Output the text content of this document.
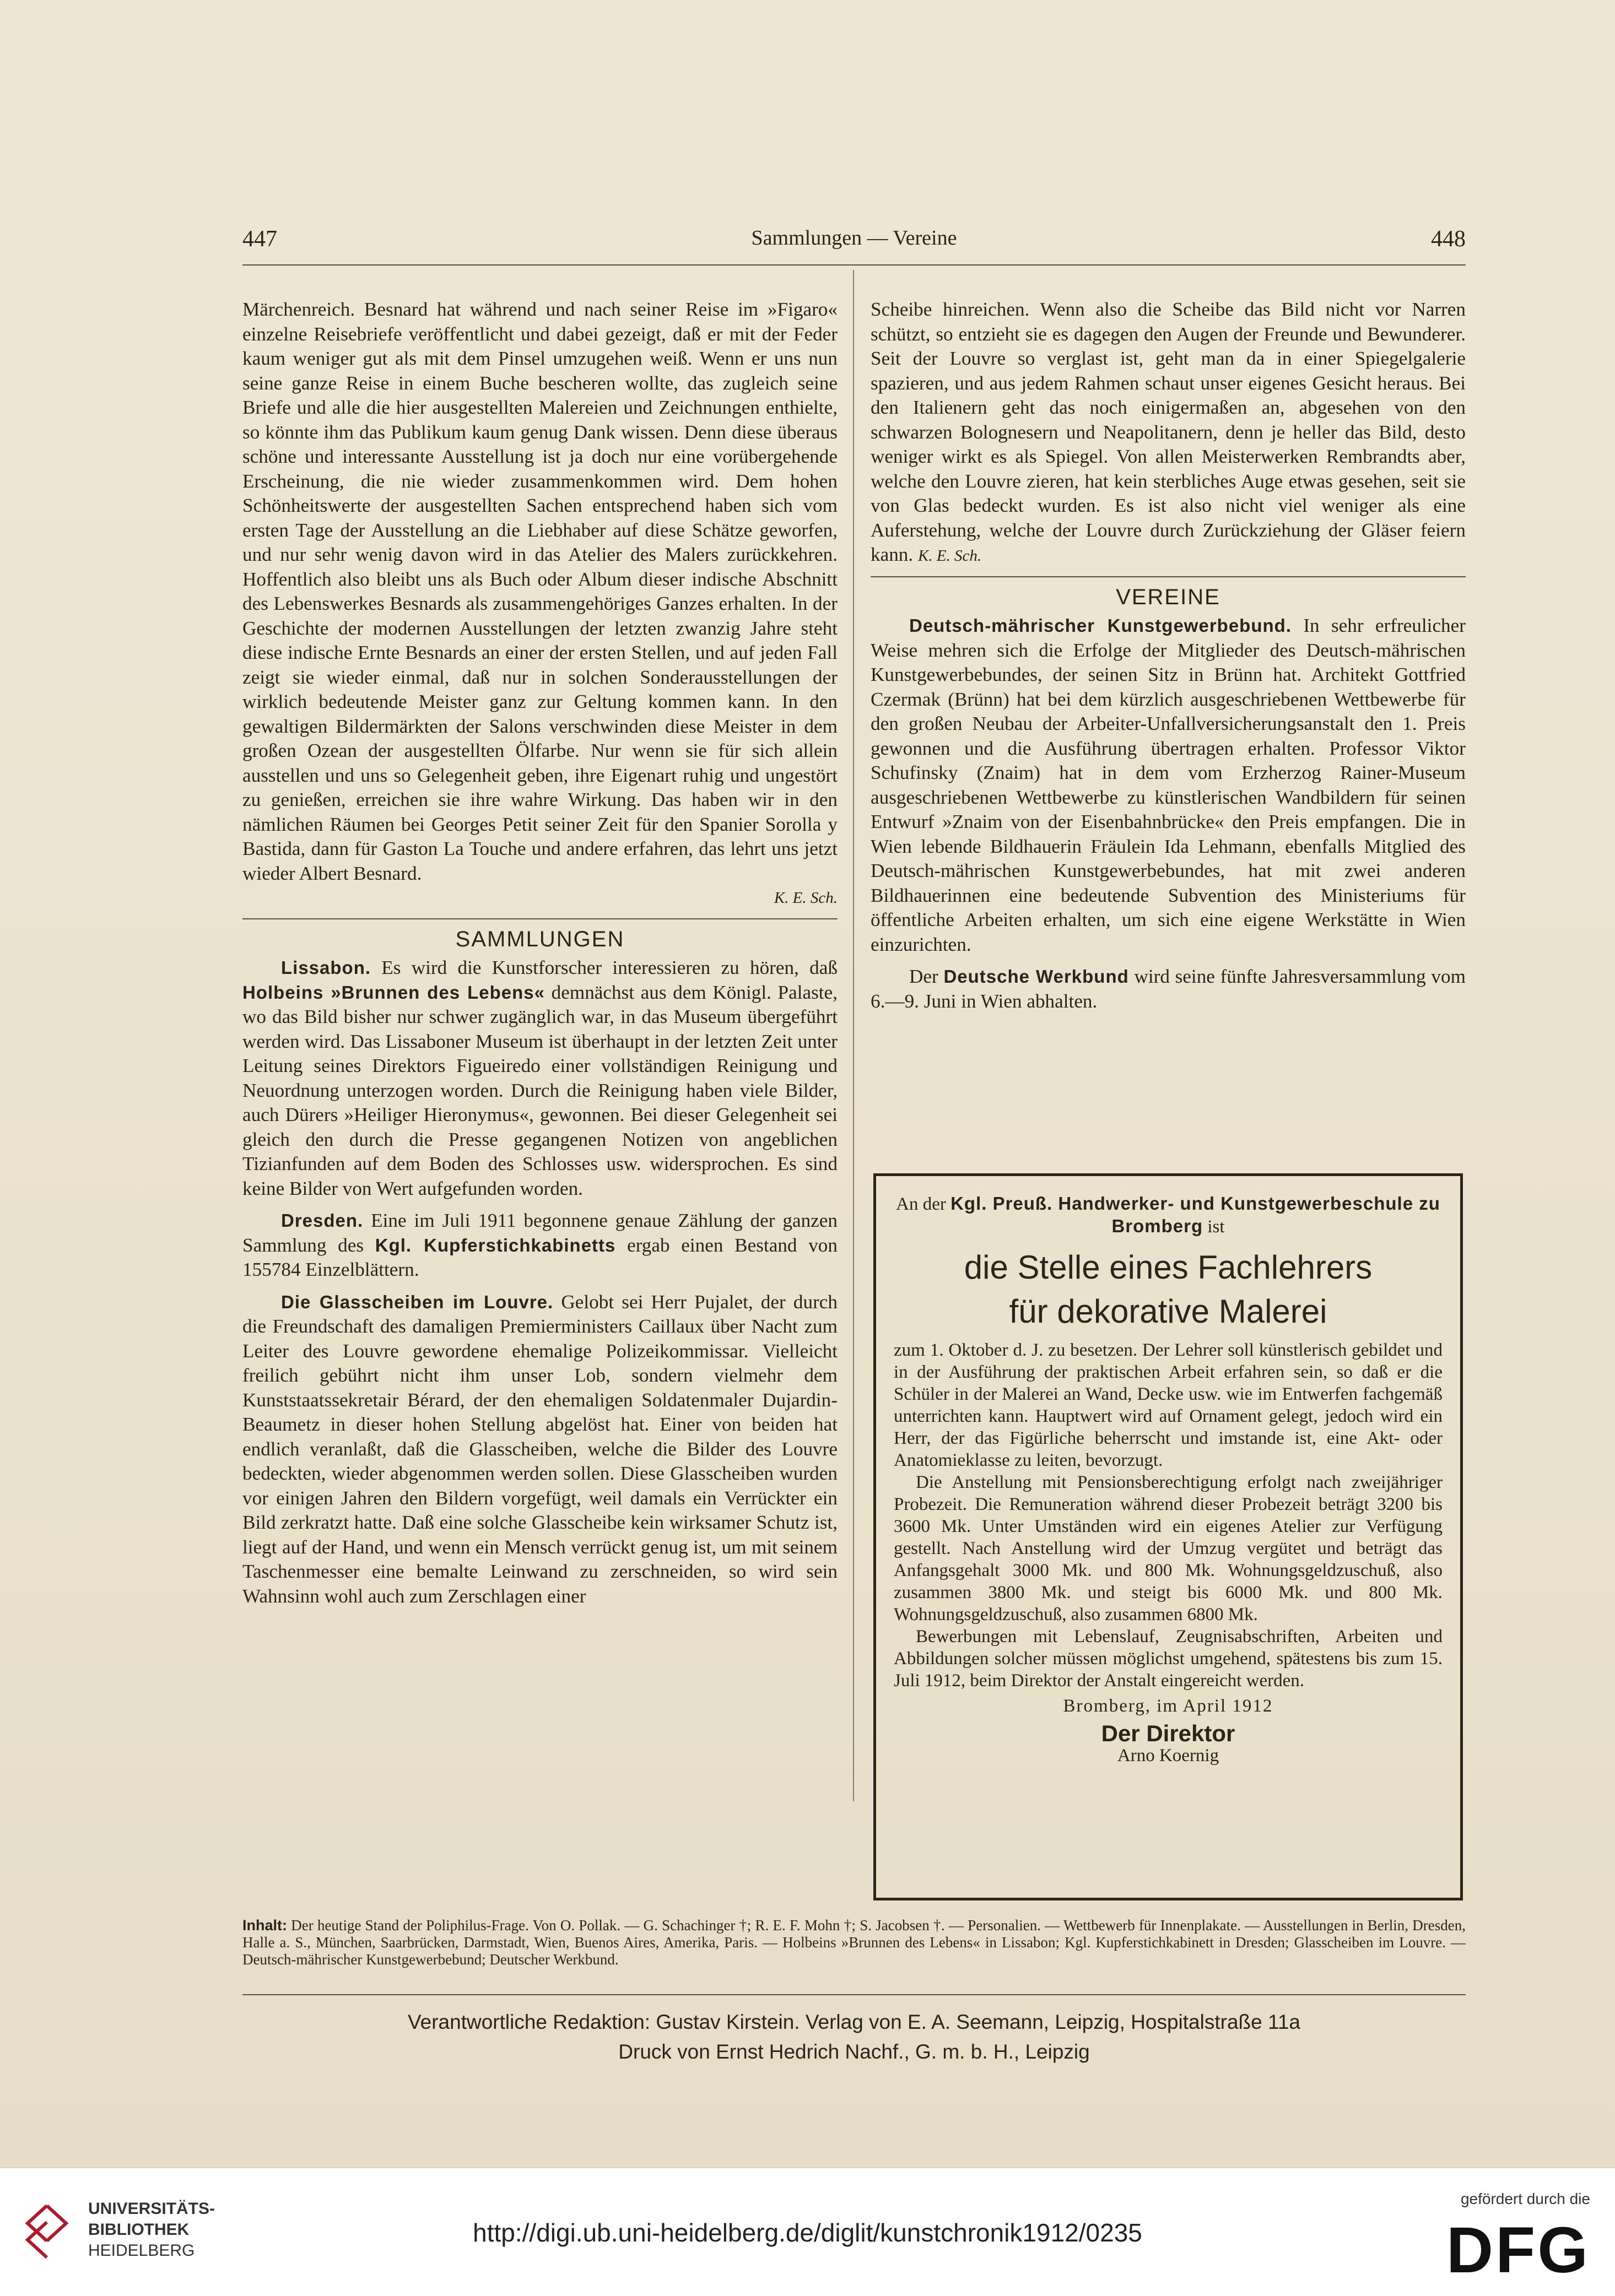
447	Sammlungen — Vereine	448

Märchenreich. Besnard hat während und nach seiner Reise im »Figaro« einzelne Reisebriefe veröffentlicht und dabei gezeigt, daß er mit der Feder kaum weniger gut als mit dem Pinsel umzugehen weiß. Wenn er uns nun seine ganze Reise in einem Buche bescheren wollte, das zugleich seine Briefe und alle die hier ausgestellten Malereien und Zeichnungen enthielte, so könnte ihm das Publikum kaum genug Dank wissen. Denn diese überaus schöne und interessante Ausstellung ist ja doch nur eine vorübergehende Erscheinung, die nie wieder zusammenkommen wird. Dem hohen Schönheitswerte der ausgestellten Sachen entsprechend haben sich vom ersten Tage der Ausstellung an die Liebhaber auf diese Schätze geworfen, und nur sehr wenig davon wird in das Atelier des Malers zurückkehren. Hoffentlich also bleibt uns als Buch oder Album dieser indische Abschnitt des Lebenswerkes Besnards als zusammengehöriges Ganzes erhalten. In der Geschichte der modernen Ausstellungen der letzten zwanzig Jahre steht diese indische Ernte Besnards an einer der ersten Stellen, und auf jeden Fall zeigt sie wieder einmal, daß nur in solchen Sonderausstellungen der wirklich bedeutende Meister ganz zur Geltung kommen kann. In den gewaltigen Bildermärkten der Salons verschwinden diese Meister in dem großen Ozean der ausgestellten Ölfarbe. Nur wenn sie für sich allein ausstellen und uns so Gelegenheit geben, ihre Eigenart ruhig und ungestört zu genießen, erreichen sie ihre wahre Wirkung. Das haben wir in den nämlichen Räumen bei Georges Petit seiner Zeit für den Spanier Sorolla y Bastida, dann für Gaston La Touche und andere erfahren, das lehrt uns jetzt wieder Albert Besnard.

K. E. Sch.
SAMMLUNGEN

Lissabon. Es wird die Kunstforscher interessieren zu hören, daß Holbeins »Brunnen des Lebens« demnächst aus dem Königl. Palaste, wo das Bild bisher nur schwer zugänglich war, in das Museum übergeführt werden wird. Das Lissaboner Museum ist überhaupt in der letzten Zeit unter Leitung seines Direktors Figueiredo einer vollständigen Reinigung und Neuordnung unterzogen worden. Durch die Reinigung haben viele Bilder, auch Dürers »Heiliger Hieronymus«, gewonnen. Bei dieser Gelegenheit sei gleich den durch die Presse gegangenen Notizen von angeblichen Tizianfunden auf dem Boden des Schlosses usw. widersprochen. Es sind keine Bilder von Wert aufgefunden worden.

Dresden. Eine im Juli 1911 begonnene genaue Zählung der ganzen Sammlung des Kgl. Kupferstichkabinetts ergab einen Bestand von 155784 Einzelblättern.

Die Glasscheiben im Louvre. Gelobt sei Herr Pujalet, der durch die Freundschaft des damaligen Premierministers Caillaux über Nacht zum Leiter des Louvre gewordene ehemalige Polizeikommissar. Vielleicht freilich gebührt nicht ihm unser Lob, sondern vielmehr dem Kunststaatssekretair Bérard, der den ehemaligen Soldatenmaler Dujardin-Beaumetz in dieser hohen Stellung abgelöst hat. Einer von beiden hat endlich veranlaßt, daß die Glasscheiben, welche die Bilder des Louvre bedeckten, wieder abgenommen werden sollen. Diese Glasscheiben wurden vor einigen Jahren den Bildern vorgefügt, weil damals ein Verrückter ein Bild zerkratzt hatte. Daß eine solche Glasscheibe kein wirksamer Schutz ist, liegt auf der Hand, und wenn ein Mensch verrückt genug ist, um mit seinem Taschenmesser eine bemalte Leinwand zu zerschneiden, so wird sein Wahnsinn wohl auch zum Zerschlagen einer

Scheibe hinreichen. Wenn also die Scheibe das Bild nicht vor Narren schützt, so entzieht sie es dagegen den Augen der Freunde und Bewunderer. Seit der Louvre so verglast ist, geht man da in einer Spiegelgalerie spazieren, und aus jedem Rahmen schaut unser eigenes Gesicht heraus. Bei den Italienern geht das noch einigermaßen an, abgesehen von den schwarzen Bolognesern und Neapolitanern, denn je heller das Bild, desto weniger wirkt es als Spiegel. Von allen Meisterwerken Rembrandts aber, welche den Louvre zieren, hat kein sterbliches Auge etwas gesehen, seit sie von Glas bedeckt wurden. Es ist also nicht viel weniger als eine Auferstehung, welche der Louvre durch Zurückziehung der Gläser feiern kann. K. E. Sch.

VEREINE

Deutsch-mährischer Kunstgewerbebund. In sehr erfreulicher Weise mehren sich die Erfolge der Mitglieder des Deutsch-mährischen Kunstgewerbebundes, der seinen Sitz in Brünn hat. Architekt Gottfried Czermak (Brünn) hat bei dem kürzlich ausgeschriebenen Wettbewerbe für den großen Neubau der Arbeiter-Unfallversicherungsanstalt den 1. Preis gewonnen und die Ausführung übertragen erhalten. Professor Viktor Schufinsky (Znaim) hat in dem vom Erzherzog Rainer-Museum ausgeschriebenen Wettbewerbe zu künstlerischen Wandbildern für seinen Entwurf »Znaim von der Eisenbahnbrücke« den Preis empfangen. Die in Wien lebende Bildhauerin Fräulein Ida Lehmann, ebenfalls Mitglied des Deutsch-mährischen Kunstgewerbebundes, hat mit zwei anderen Bildhauerinnen eine bedeutende Subvention des Ministeriums für öffentliche Arbeiten erhalten, um sich eine eigene Werkstätte in Wien einzurichten.

Der Deutsche Werkbund wird seine fünfte Jahresversammlung vom 6.—9. Juni in Wien abhalten.

An der Kgl. Preuß. Handwerker- und Kunstgewerbeschule zu Bromberg ist

die Stelle eines Fachlehrers
für dekorative Malerei

zum 1. Oktober d. J. zu besetzen. Der Lehrer soll künstlerisch gebildet und in der Ausführung der praktischen Arbeit erfahren sein, so daß er die Schüler in der Malerei an Wand, Decke usw. wie im Entwerfen fachgemäß unterrichten kann. Hauptwert wird auf Ornament gelegt, jedoch wird ein Herr, der das Figürliche beherrscht und imstande ist, eine Akt- oder Anatomieklasse zu leiten, bevorzugt.

Die Anstellung mit Pensionsberechtigung erfolgt nach zweijähriger Probezeit. Die Remuneration während dieser Probezeit beträgt 3200 bis 3600 Mk. Unter Umständen wird ein eigenes Atelier zur Verfügung gestellt. Nach Anstellung wird der Umzug vergütet und beträgt das Anfangsgehalt 3000 Mk. und 800 Mk. Wohnungsgeldzuschuß, also zusammen 3800 Mk. und steigt bis 6000 Mk. und 800 Mk. Wohnungsgeldzuschuß, also zusammen 6800 Mk.

Bewerbungen mit Lebenslauf, Zeugnisabschriften, Arbeiten und Abbildungen solcher müssen möglichst umgehend, spätestens bis zum 15. Juli 1912, beim Direktor der Anstalt eingereicht werden.

Bromberg, im April 1912

Der Direktor

Arno Koernig

Inhalt: Der heutige Stand der Poliphilus-Frage. Von O. Pollak. — G. Schachinger †; R. E. F. Mohn †; S. Jacobsen †. — Personalien. — Wettbewerb für Innenplakate. — Ausstellungen in Berlin, Dresden, Halle a. S., München, Saarbrücken, Darmstadt, Wien, Buenos Aires, Amerika, Paris. — Holbeins »Brunnen des Lebens« in Lissabon; Kgl. Kupferstichkabinett in Dresden; Glasscheiben im Louvre. — Deutsch-mährischer Kunstgewerbebund; Deutscher Werkbund.
Verantwortliche Redaktion: Gustav Kirstein. Verlag von E. A. Seemann, Leipzig, Hospitalstraße 11a
Druck von Ernst Hedrich Nachf., G. m. b. H., Leipzig
UNIVERSITÄTS-
BIBLIOTHEK
HEIDELBERG
http://digi.ub.uni-heidelberg.de/diglit/kunstchronik1912/0235
gefördert durch die
DFG
